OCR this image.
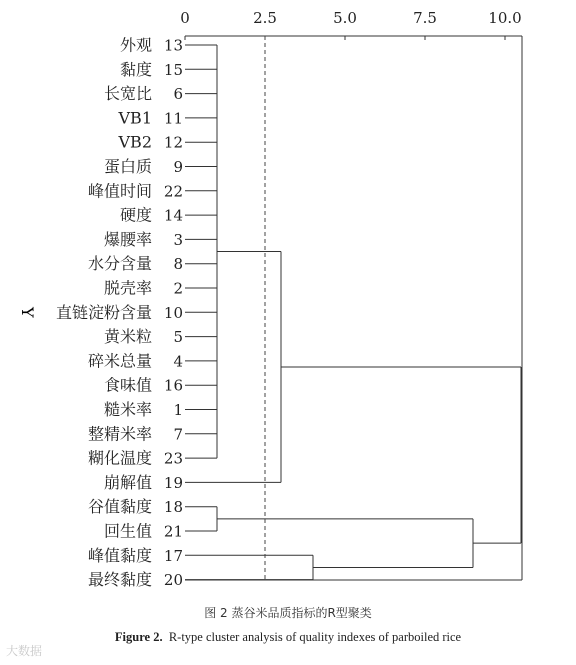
0	2.5	5.0	7.5	10.0
外观 13
黏度 15
长宽比 6
VB1 11
VB2 12
蛋白质 9
峰值时间 22
硬度 14
爆腰率 3
水分含量 8
脱壳率 2
直链淀粉含量 10
黄米粒 5
碎米总量 4
食味值 16
糙米率 1
整精米率 7
糊化温度 23
崩解值 19
谷值黏度 18
回生值 21
峰值黏度 17
最终黏度 20
Y
图 2 蒸谷米品质指标的R型聚类
Figure 2. R-type cluster analysis of quality indexes of parboiled rice
大数据
